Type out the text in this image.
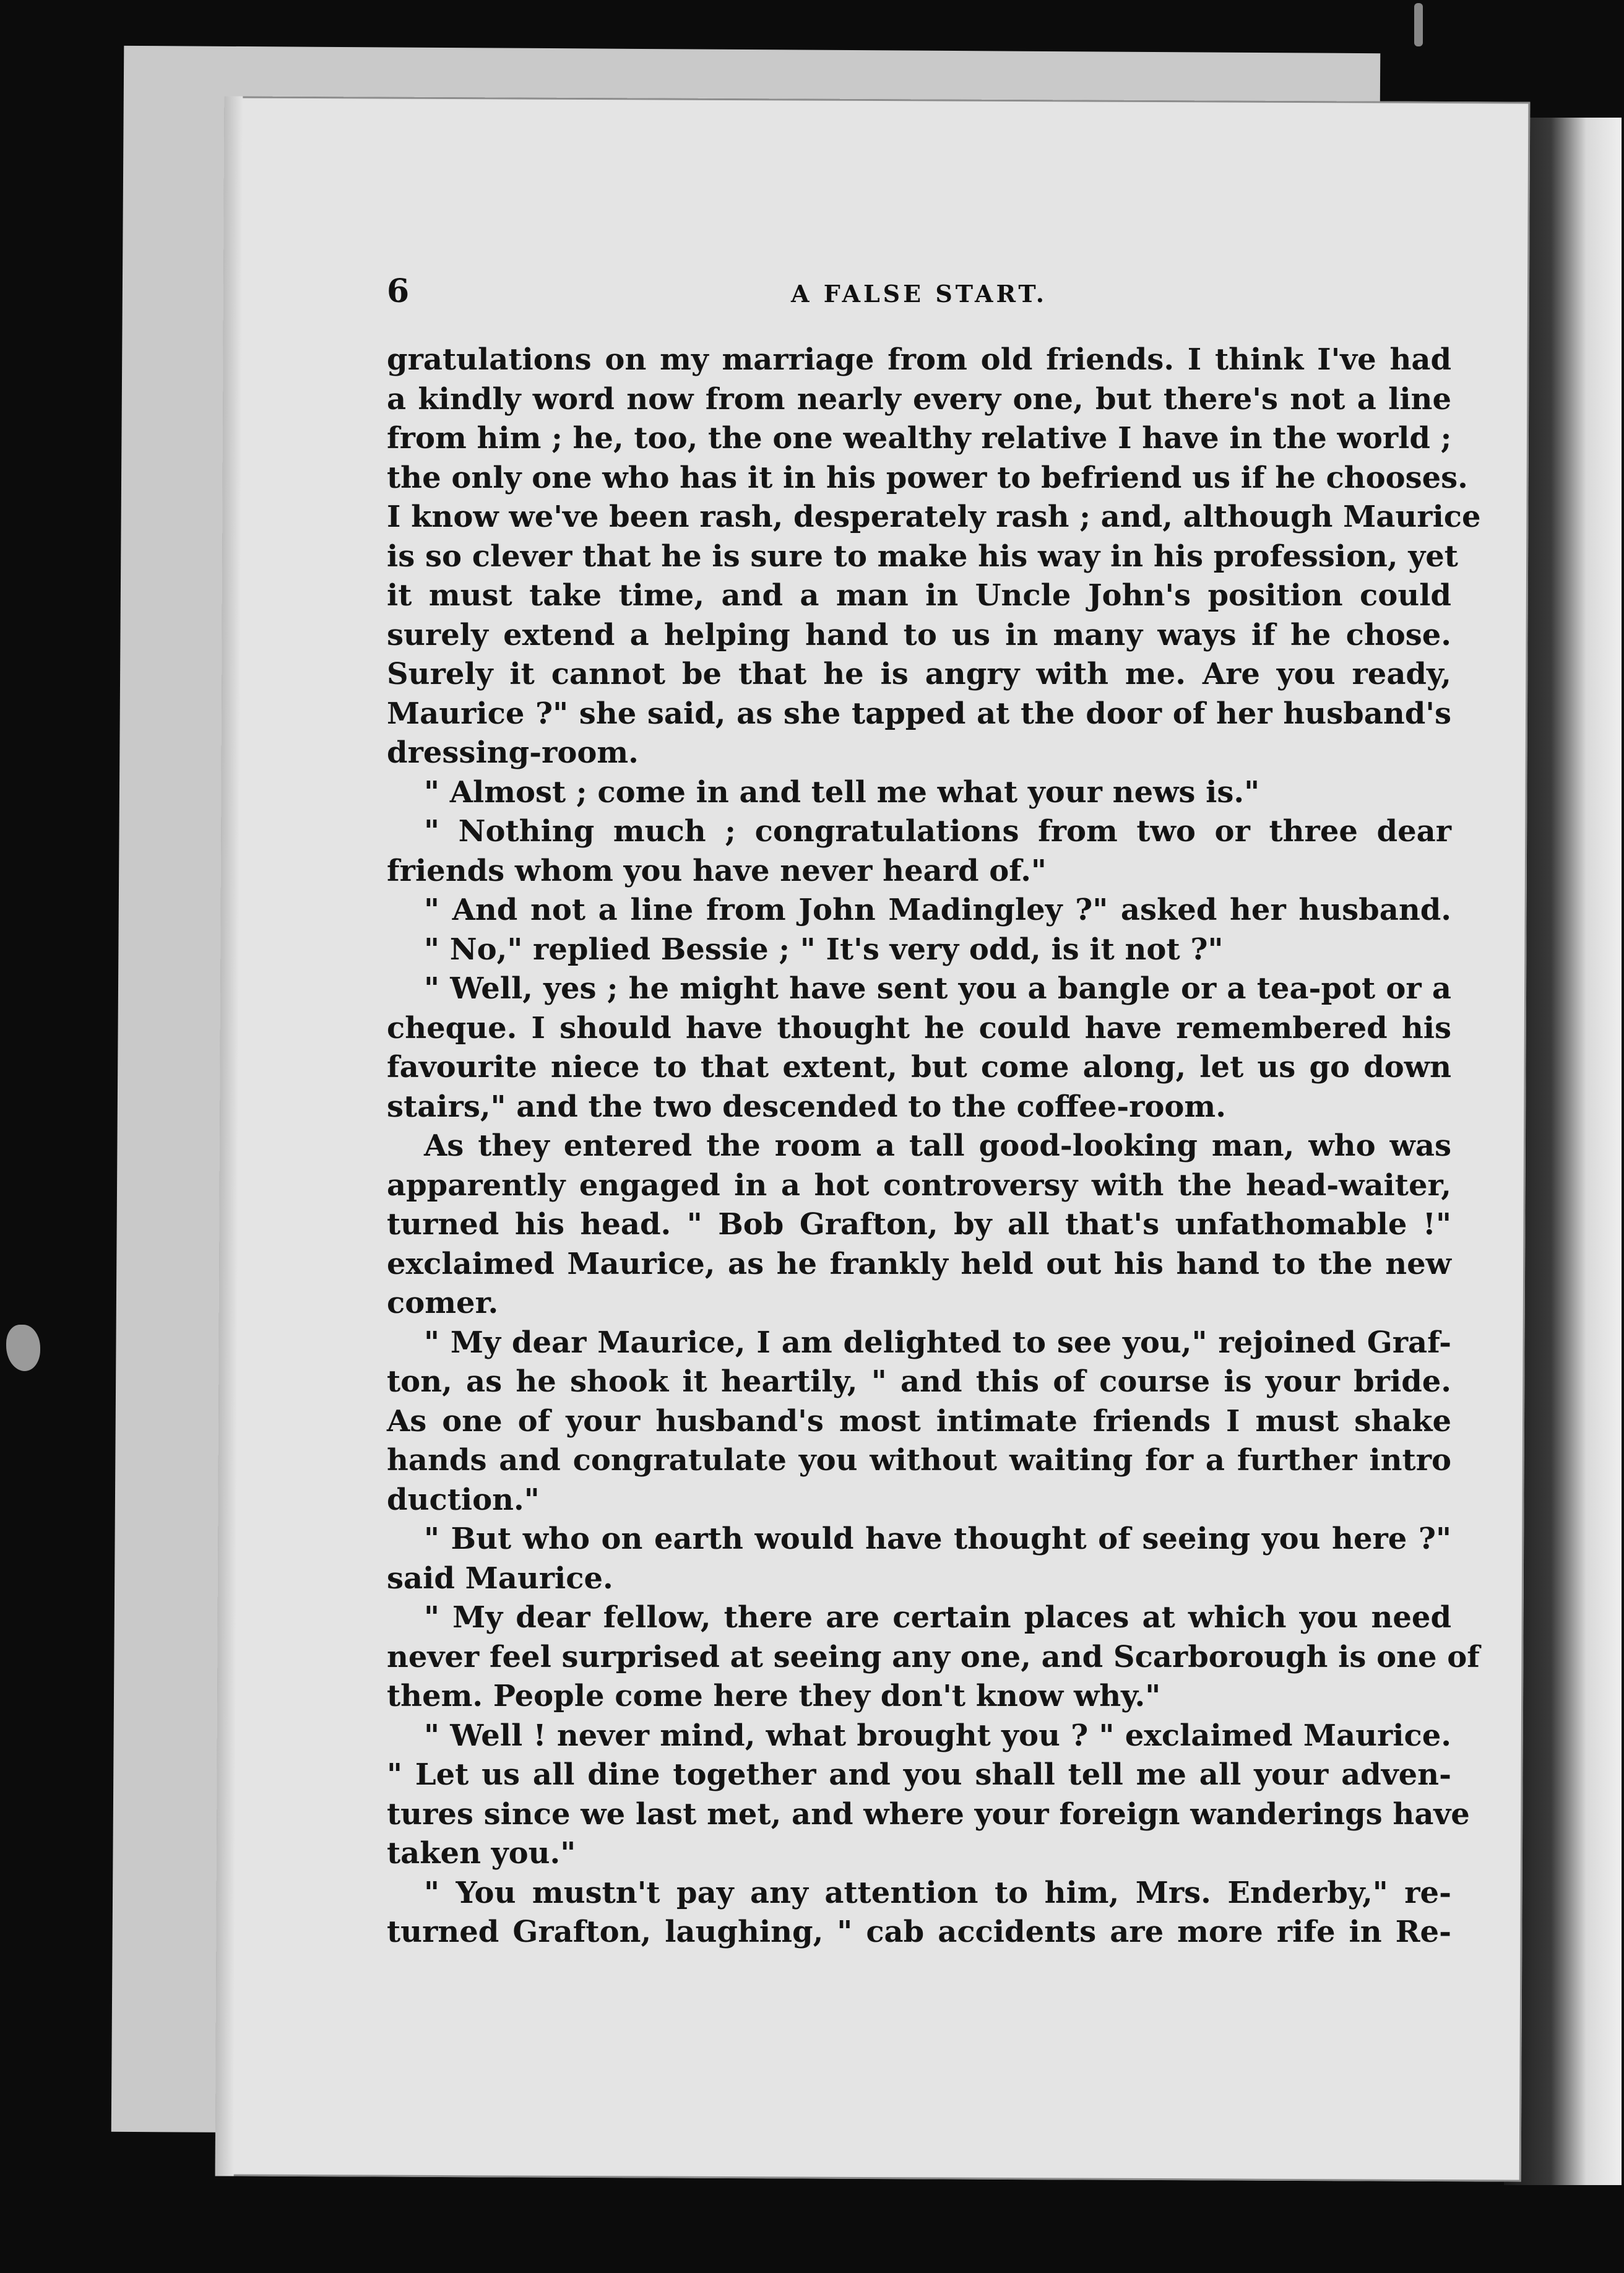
6	A FALSE START.
gratulations on my marriage from old friends. I think I've had
a kindly word now from nearly every one, but there's not a line
from him ; he, too, the one wealthy relative I have in the world ;
the only one who has it in his power to befriend us if he chooses.
I know we've been rash, desperately rash ; and, although Maurice
is so clever that he is sure to make his way in his profession, yet
it must take time, and a man in Uncle John's position could
surely extend a helping hand to us in many ways if he chose.
Surely it cannot be that he is angry with me. Are you ready,
Maurice ?" she said, as she tapped at the door of her husband's
dressing-room.
" Almost ; come in and tell me what your news is."
" Nothing much ; congratulations from two or three dear
friends whom you have never heard of."
" And not a line from John Madingley ?" asked her husband.
" No," replied Bessie ; " It's very odd, is it not ?"
" Well, yes ; he might have sent you a bangle or a tea-pot or a
cheque. I should have thought he could have remembered his
favourite niece to that extent, but come along, let us go down
stairs," and the two descended to the coffee-room.
As they entered the room a tall good-looking man, who was
apparently engaged in a hot controversy with the head-waiter,
turned his head. " Bob Grafton, by all that's unfathomable !"
exclaimed Maurice, as he frankly held out his hand to the new
comer.
" My dear Maurice, I am delighted to see you," rejoined Graf-
ton, as he shook it heartily, " and this of course is your bride.
As one of your husband's most intimate friends I must shake
hands and congratulate you without waiting for a further intro
duction."
" But who on earth would have thought of seeing you here ?"
said Maurice.
" My dear fellow, there are certain places at which you need
never feel surprised at seeing any one, and Scarborough is one of
them. People come here they don't know why."
" Well ! never mind, what brought you ? " exclaimed Maurice.
" Let us all dine together and you shall tell me all your adven-
tures since we last met, and where your foreign wanderings have
taken you."
" You mustn't pay any attention to him, Mrs. Enderby," re-
turned Grafton, laughing, " cab accidents are more rife in Re-
